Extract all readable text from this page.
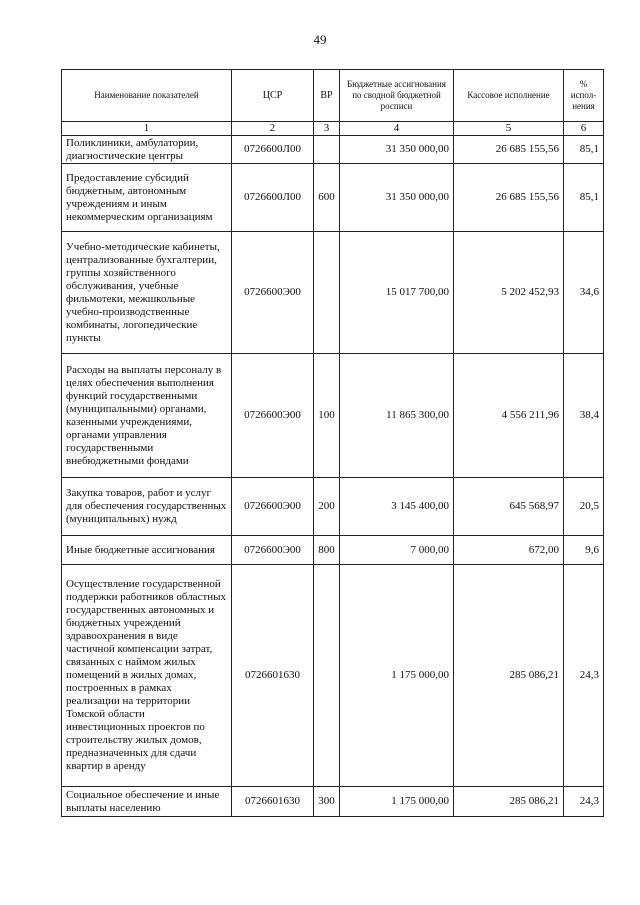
49
Наименование показателей	ЦСР	ВР	Бюджетные ассигнования по сводной бюджетной росписи	Кассовое исполнение	% испол- нения
1	2	3	4	5	6
Поликлиники, амбулатории, диагностические центры	0726600Л00		31 350 000,00	26 685 155,56	85,1
Предоставление субсидий бюджетным, автономным учреждениям и иным некоммерческим организациям	0726600Л00	600	31 350 000,00	26 685 155,56	85,1
Учебно-методические кабинеты, централизованные бухгалтерии, группы хозяйственного обслуживания, учебные фильмотеки, межшкольные учебно-производственные комбинаты, логопедические пункты	0726600Э00		15 017 700,00	5 202 452,93	34,6
Расходы на выплаты персоналу в целях обеспечения выполнения функций государственными (муниципальными) органами, казенными учреждениями, органами управления государственными внебюджетными фондами	0726600Э00	100	11 865 300,00	4 556 211,96	38,4
Закупка товаров, работ и услуг для обеспечения государственных (муниципальных) нужд	0726600Э00	200	3 145 400,00	645 568,97	20,5
Иные бюджетные ассигнования	0726600Э00	800	7 000,00	672,00	9,6
Осуществление государственной поддержки работников областных государственных автономных и бюджетных учреждений здравоохранения в виде частичной компенсации затрат, связанных с наймом жилых помещений в жилых домах, построенных в рамках реализации на территории Томской области инвестиционных проектов по строительству жилых домов, предназначенных для сдачи квартир в аренду	0726601630		1 175 000,00	285 086,21	24,3
Социальное обеспечение и иные выплаты населению	0726601630	300	1 175 000,00	285 086,21	24,3
